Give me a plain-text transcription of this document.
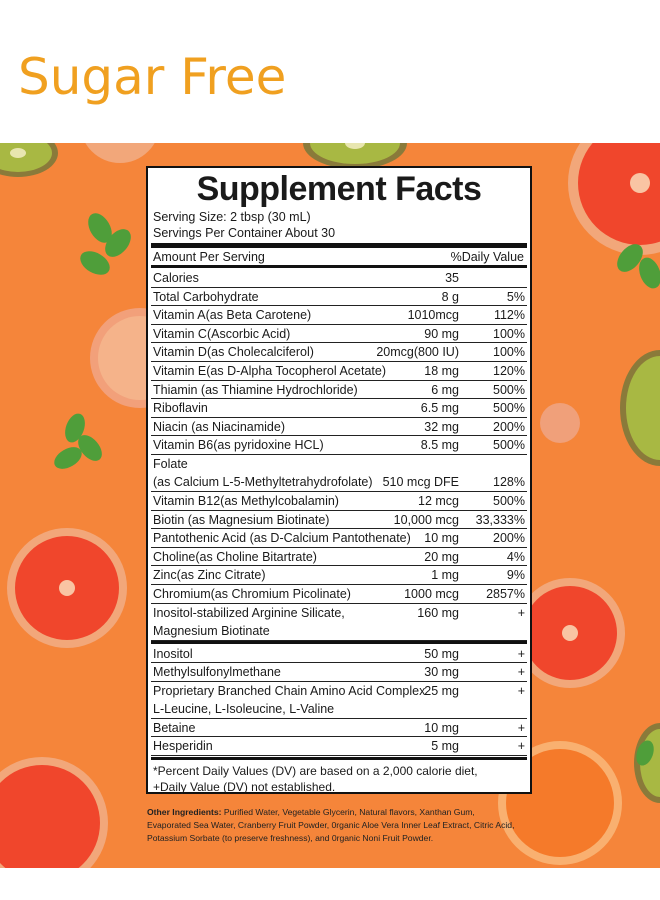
Sugar Free
Supplement Facts
Serving Size: 2 tbsp (30 mL)
Servings Per Container About 30
Amount Per Serving	%Daily Value
Calories	35
Total Carbohydrate	8 g	5%
Vitamin A(as Beta Carotene)	1010mcg	112%
Vitamin C(Ascorbic Acid)	90 mg	100%
Vitamin D(as Cholecalciferol)	20mcg(800 IU)	100%
Vitamin E(as D-Alpha Tocopherol Acetate)	18 mg	120%
Thiamin (as Thiamine Hydrochloride)	6 mg	500%
Riboflavin	6.5 mg	500%
Niacin (as Niacinamide)	32 mg	200%
Vitamin B6(as pyridoxine HCL)	8.5 mg	500%
Folate
(as Calcium L-5-Methyltetrahydrofolate) 510 mcg DFE	128%
Vitamin B12(as Methylcobalamin)	12 mcg	500%
Biotin (as Magnesium Biotinate)	10,000 mcg 33,333%
Pantothenic Acid (as D-Calcium Pantothenate) 10 mg	200%
Choline(as Choline Bitartrate)	20 mg	4%
Zinc(as Zinc Citrate)	1 mg	9%
Chromium(as Chromium Picolinate)	1000 mcg 2857%
Inositol-stabilized Arginine Silicate,
Magnesium Biotinate
160 mg	+
Inositol	50 mg	+
Methylsulfonylmethane	30 mg	+
Proprietary Branched Chain Amino Acid Complex
L-Leucine, L-Isoleucine, L-Valine
25 mg	+
Betaine	10 mg	+
Hesperidin	5 mg	+
*Percent Daily Values (DV) are based on a 2,000 calorie diet,
+Daily Value (DV) not established.
Other Ingredients: Purified Water, Vegetable Glycerin, Natural flavors, Xanthan Gum, Evaporated Sea Water, Cranberry Fruit Powder, 0rganic Aloe Vera Inner Leaf Extract, Citric Acid, Potassium Sorbate (to preserve freshness), and 0rganic Noni Fruit Powder.
